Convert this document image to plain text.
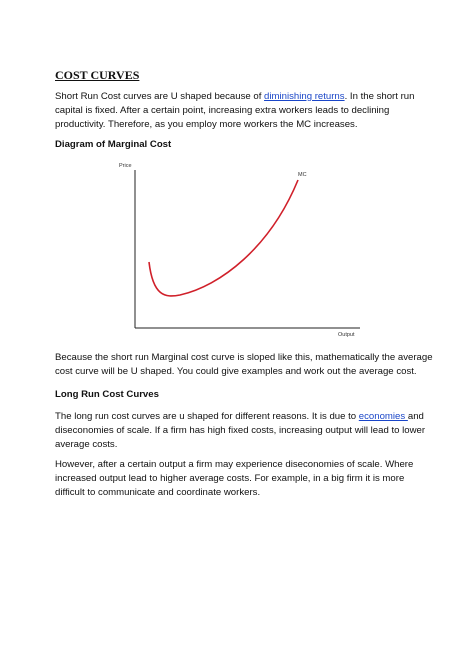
COST CURVES

Short Run Cost curves are U shaped because of diminishing returns. In the short run capital is fixed. After a certain point, increasing extra workers leads to declining productivity. Therefore, as you employ more workers the MC increases.

Diagram of Marginal Cost
Price
Output
MC

Because the short run Marginal cost curve is sloped like this, mathematically the average cost curve will be U shaped. You could give examples and work out the average cost.

Long Run Cost Curves

The long run cost curves are u shaped for different reasons. It is due to economies and diseconomies of scale. If a firm has high fixed costs, increasing output will lead to lower average costs.

However, after a certain output a firm may experience diseconomies of scale. Where increased output lead to higher average costs. For example, in a big firm it is more difficult to communicate and coordinate workers.
